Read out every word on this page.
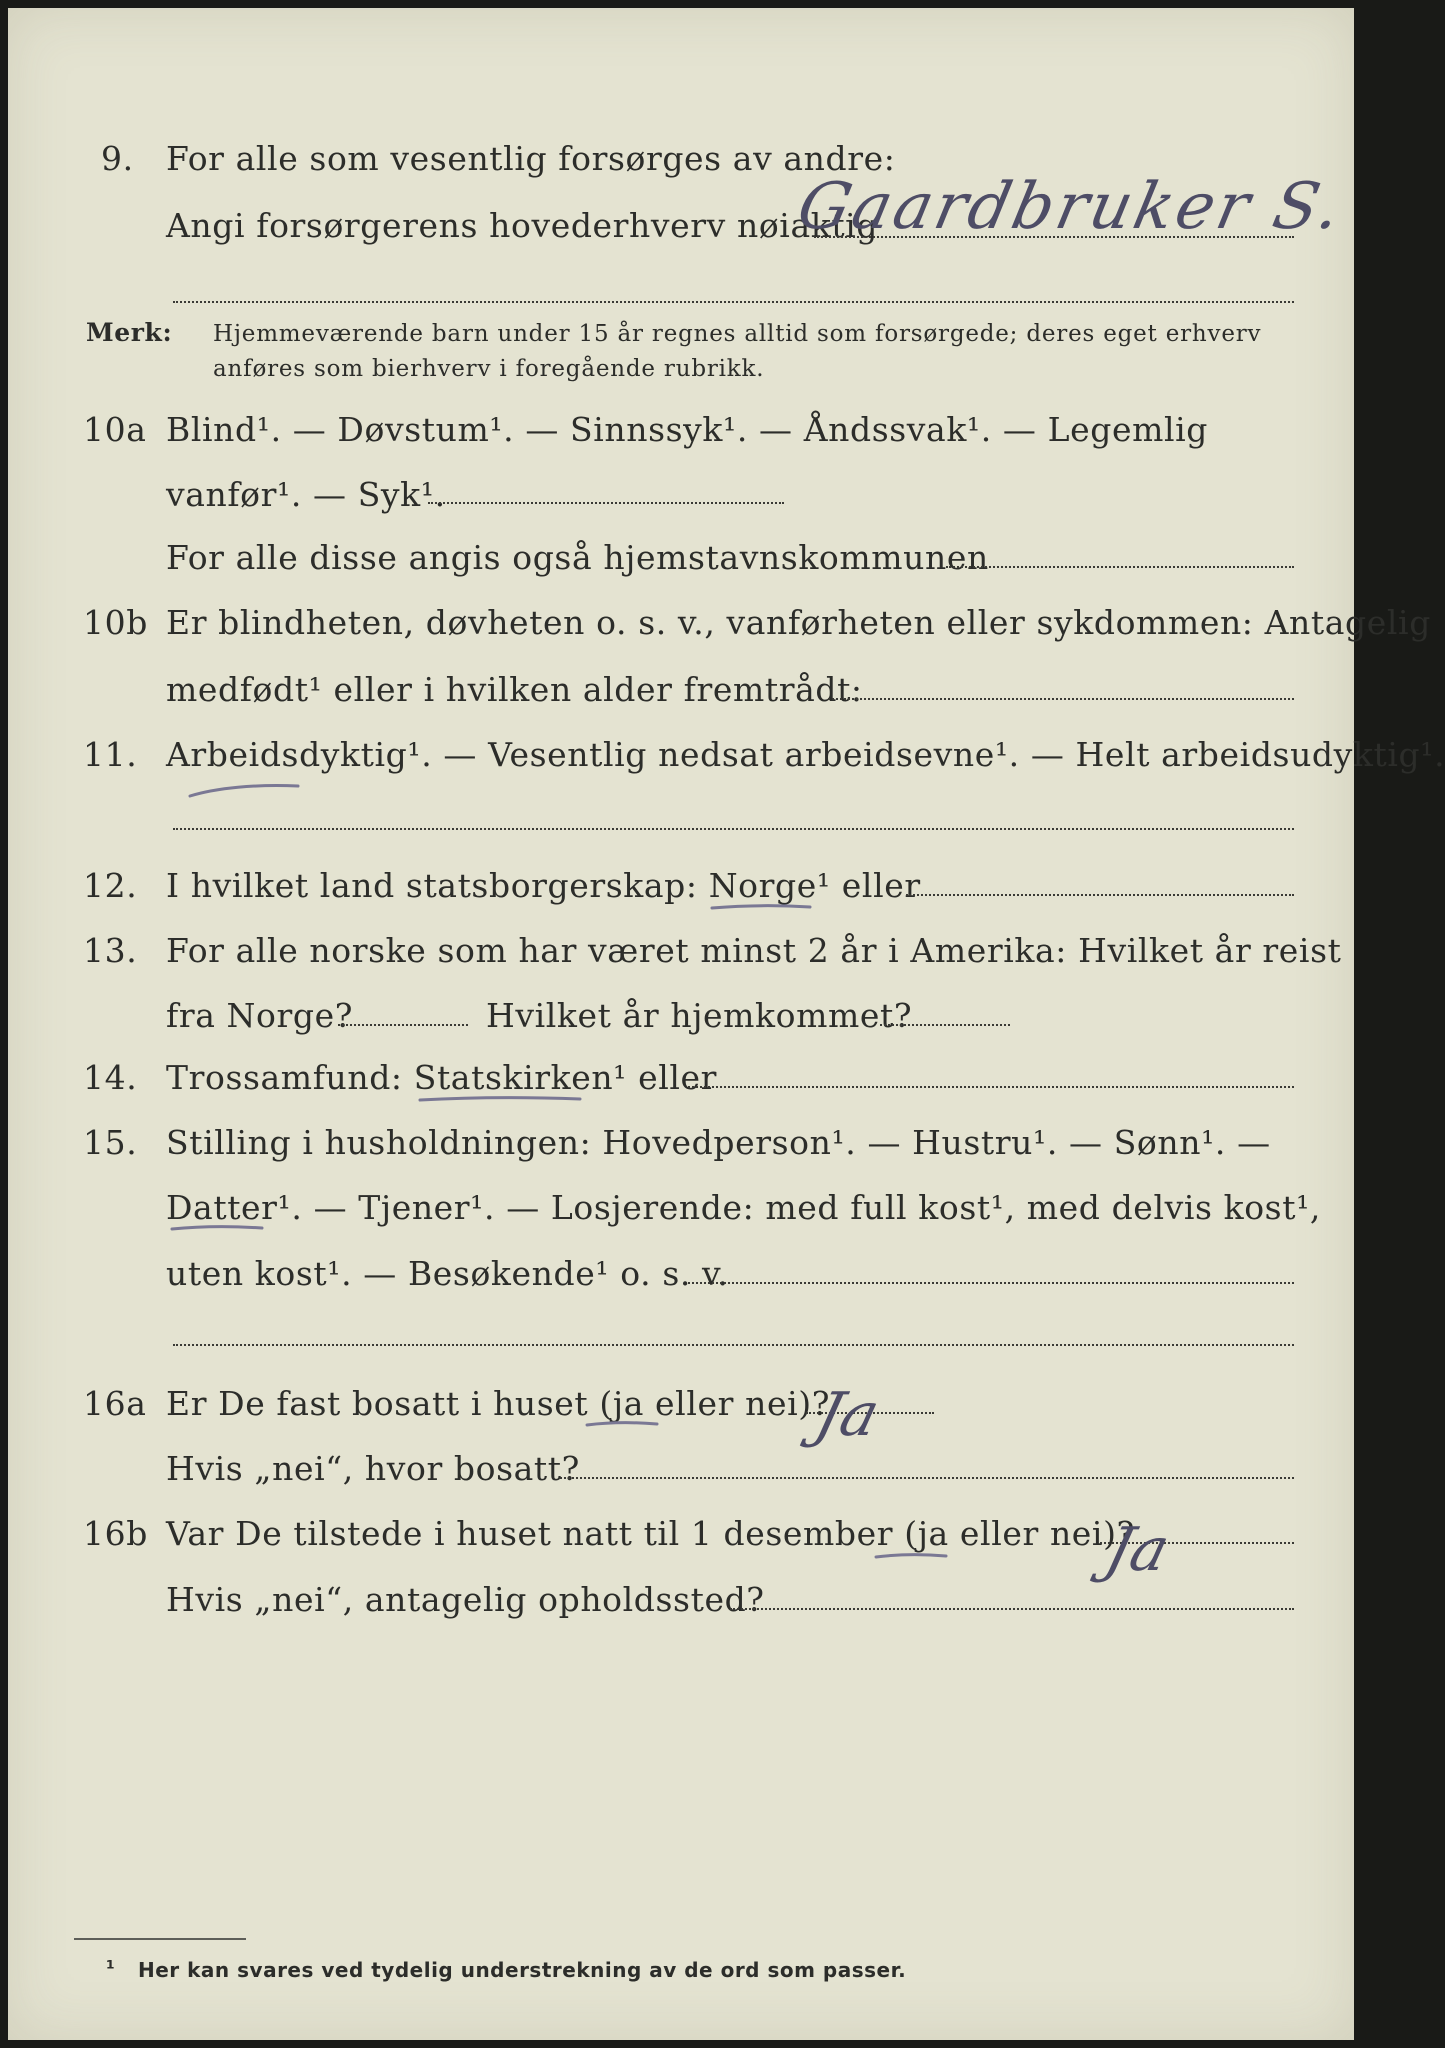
9. For alle som vesentlig forsørges av andre:
Angi forsørgerens hovederhverv nøiaktig
Gaardbruker S.
Merk: Hjemmeværende barn under 15 år regnes alltid som forsørgede; deres eget erhverv
anføres som bierhverv i foregående rubrikk.
10a Blind¹. — Døvstum¹. — Sinnssyk¹. — Åndssvak¹. — Legemlig
vanfør¹. — Syk¹.
For alle disse angis også hjemstavnskommunen
10b Er blindheten, døvheten o. s. v., vanførheten eller sykdommen: Antagelig
medfødt¹ eller i hvilken alder fremtrådt:
11. Arbeidsdyktig¹. — Vesentlig nedsat arbeidsevne¹. — Helt arbeidsudyktig¹.
12. I hvilket land statsborgerskap: Norge¹ eller
13. For alle norske som har været minst 2 år i Amerika: Hvilket år reist
fra Norge?	Hvilket år hjemkommet?
14. Trossamfund: Statskirken¹ eller
15. Stilling i husholdningen: Hovedperson¹. — Hustru¹. — Sønn¹. —
Datter¹. — Tjener¹. — Losjerende: med full kost¹, med delvis kost¹,
uten kost¹. — Besøkende¹ o. s. v.
16a Er De fast bosatt i huset (ja eller nei)?
Ja
Hvis „nei“, hvor bosatt?
16b Var De tilstede i huset natt til 1 desember (ja eller nei)?
Ja
Hvis „nei“, antagelig opholdssted?
¹ Her kan svares ved tydelig understrekning av de ord som passer.
